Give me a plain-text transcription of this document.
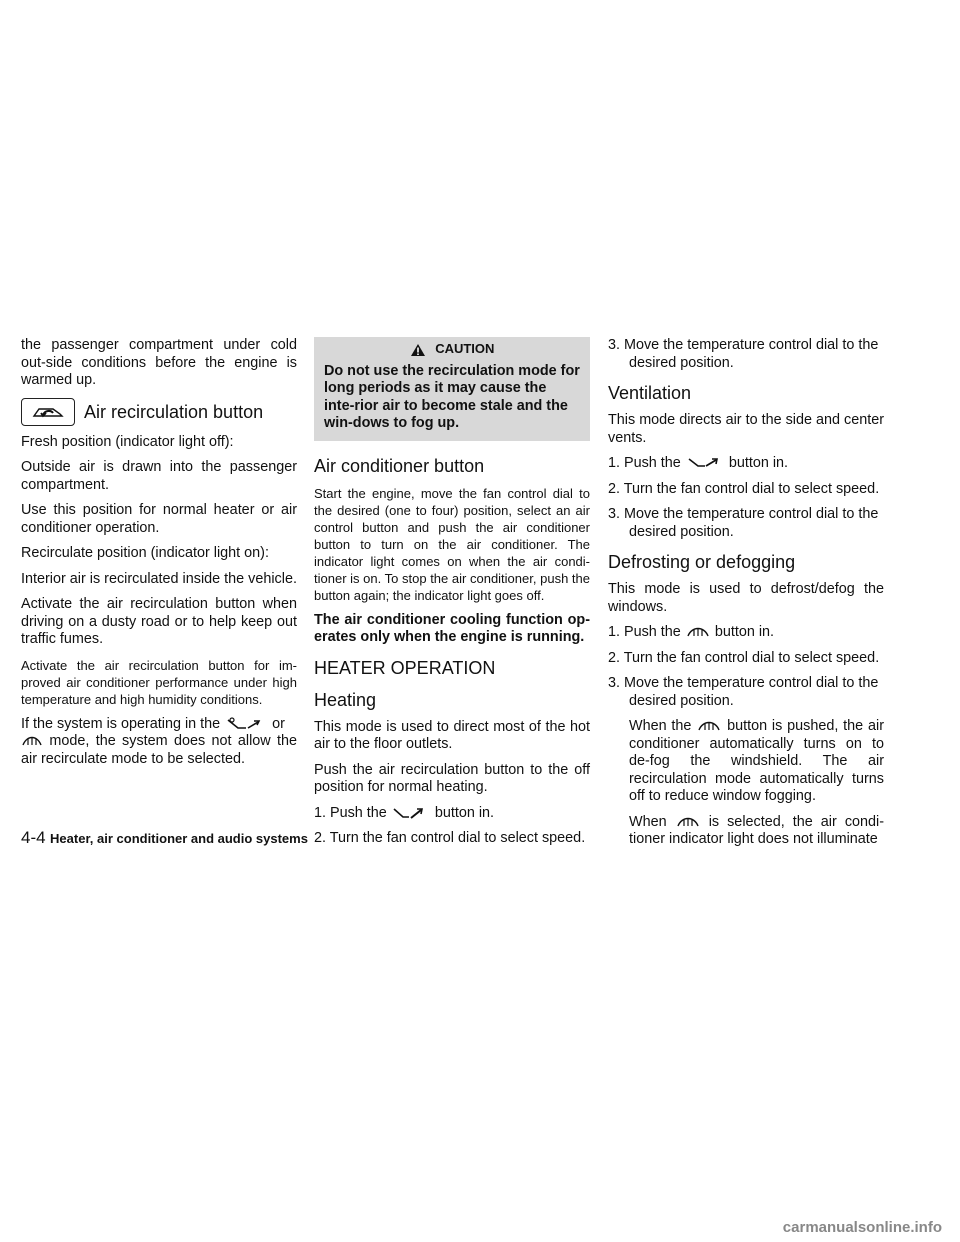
the passenger compartment under cold out-side conditions before the engine is warmed up.

Air recirculation button

Fresh position (indicator light off):

Outside air is drawn into the passenger compartment.

Use this position for normal heater or air conditioner operation.

Recirculate position (indicator light on):

Interior air is recirculated inside the vehicle.

Activate the air recirculation button when driving on a dusty road or to help keep out traffic fumes.

Activate the air recirculation button for im-proved air conditioner performance under high temperature and high humidity conditions.

If the system is operating in the	or

mode, the system does not allow the air recirculate mode to be selected.

CAUTION

Do not use the recirculation mode for long periods as it may cause the inte-rior air to become stale and the win-dows to fog up.

Air conditioner button

Start the engine, move the fan control dial to the desired (one to four) position, select an air control button and push the air conditioner button to turn on the air conditioner. The indicator light comes on when the air condi-tioner is on. To stop the air conditioner, push the button again; the indicator light goes off.

The air conditioner cooling function op-erates only when the engine is running.

HEATER OPERATION
Heating

This mode is used to direct most of the hot air to the floor outlets.

Push the air recirculation button to the off position for normal heating.

1. Push the	button in.
2. Turn the fan control dial to select speed.
3. Move the temperature control dial to the desired position.
Ventilation

This mode directs air to the side and center vents.

1. Push the	button in.
2. Turn the fan control dial to select speed.
3. Move the temperature control dial to the desired position.
Defrosting or defogging

This mode is used to defrost/defog the windows.

1. Push the button in.
2. Turn the fan control dial to select speed.
3. Move the temperature control dial to the desired position.

When the button is pushed, the air conditioner automatically turns on to de-fog the windshield. The air recirculation mode automatically turns off to reduce window fogging.

When	is selected, the air condi-tioner indicator light does not illuminate

4-4 Heater, air conditioner and audio systems
carmanualsonline.info
